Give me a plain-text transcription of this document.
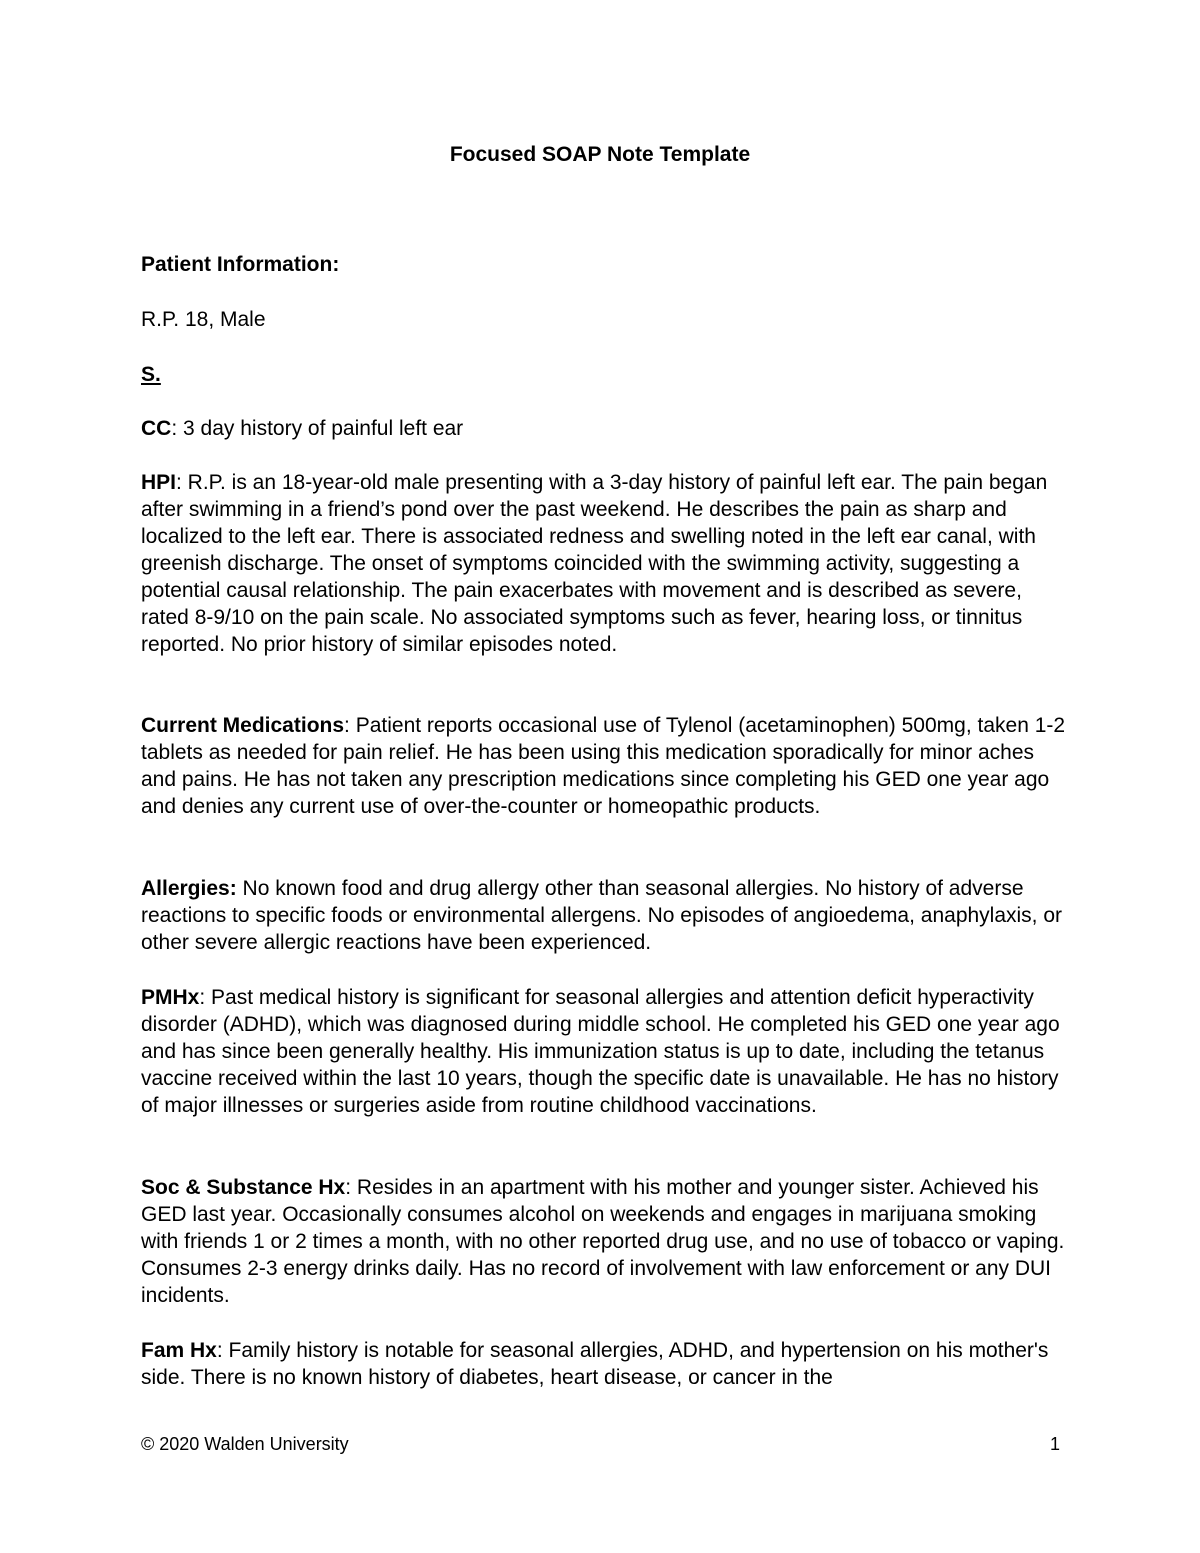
Focused SOAP Note Template
Patient Information:
R.P. 18, Male
S.
CC: 3 day history of painful left ear
HPI: R.P. is an 18-year-old male presenting with a 3-day history of painful left ear. The pain began after swimming in a friend’s pond over the past weekend. He describes the pain as sharp and localized to the left ear. There is associated redness and swelling noted in the left ear canal, with greenish discharge. The onset of symptoms coincided with the swimming activity, suggesting a potential causal relationship. The pain exacerbates with movement and is described as severe, rated 8-9/10 on the pain scale. No associated symptoms such as fever, hearing loss, or tinnitus reported. No prior history of similar episodes noted.
Current Medications: Patient reports occasional use of Tylenol (acetaminophen) 500mg, taken 1-2 tablets as needed for pain relief. He has been using this medication sporadically for minor aches and pains. He has not taken any prescription medications since completing his GED one year ago and denies any current use of over-the-counter or homeopathic products.
Allergies: No known food and drug allergy other than seasonal allergies. No history of adverse reactions to specific foods or environmental allergens. No episodes of angioedema, anaphylaxis, or other severe allergic reactions have been experienced.
PMHx: Past medical history is significant for seasonal allergies and attention deficit hyperactivity disorder (ADHD), which was diagnosed during middle school. He completed his GED one year ago and has since been generally healthy. His immunization status is up to date, including the tetanus vaccine received within the last 10 years, though the specific date is unavailable. He has no history of major illnesses or surgeries aside from routine childhood vaccinations.
Soc & Substance Hx: Resides in an apartment with his mother and younger sister. Achieved his GED last year. Occasionally consumes alcohol on weekends and engages in marijuana smoking with friends 1 or 2 times a month, with no other reported drug use, and no use of tobacco or vaping. Consumes 2-3 energy drinks daily. Has no record of involvement with law enforcement or any DUI incidents.
Fam Hx: Family history is notable for seasonal allergies, ADHD, and hypertension on his mother's side. There is no known history of diabetes, heart disease, or cancer in the
© 2020 Walden University	1
